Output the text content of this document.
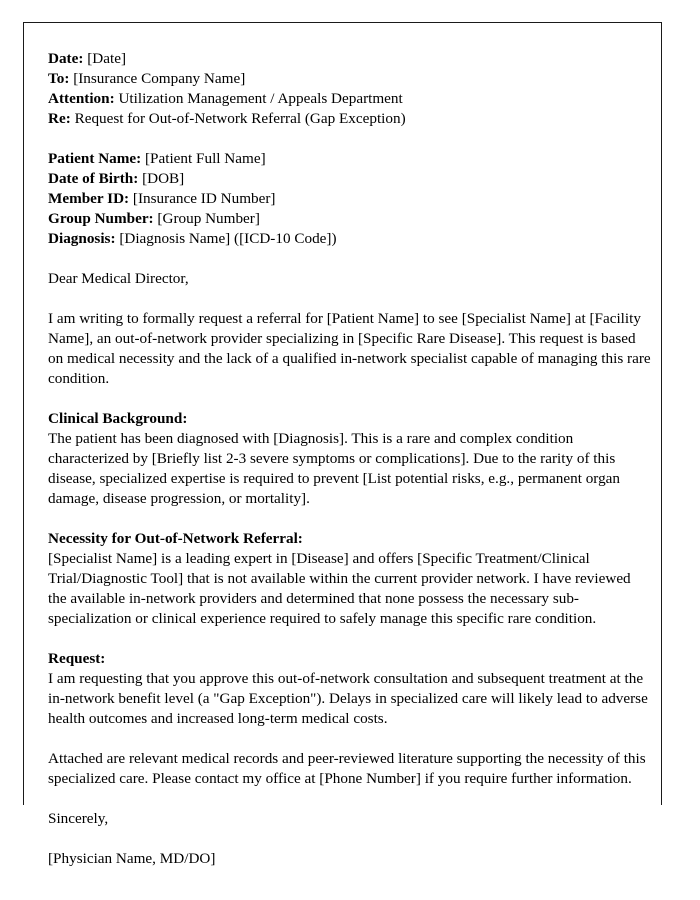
Date: [Date]
To: [Insurance Company Name]
Attention: Utilization Management / Appeals Department
Re: Request for Out-of-Network Referral (Gap Exception)
Patient Name: [Patient Full Name]
Date of Birth: [DOB]
Member ID: [Insurance ID Number]
Group Number: [Group Number]
Diagnosis: [Diagnosis Name] ([ICD-10 Code])
Dear Medical Director,

I am writing to formally request a referral for [Patient Name] to see [Specialist Name] at [Facility Name], an out-of-network provider specializing in [Specific Rare Disease]. This request is based on medical necessity and the lack of a qualified in-network specialist capable of managing this rare condition.

Clinical Background:

The patient has been diagnosed with [Diagnosis]. This is a rare and complex condition characterized by [Briefly list 2-3 severe symptoms or complications]. Due to the rarity of this disease, specialized expertise is required to prevent [List potential risks, e.g., permanent organ damage, disease progression, or mortality].

Necessity for Out-of-Network Referral:

[Specialist Name] is a leading expert in [Disease] and offers [Specific Treatment/Clinical Trial/Diagnostic Tool] that is not available within the current provider network. I have reviewed the available in-network providers and determined that none possess the necessary sub-specialization or clinical experience required to safely manage this specific rare condition.

Request:

I am requesting that you approve this out-of-network consultation and subsequent treatment at the in-network benefit level (a "Gap Exception"). Delays in specialized care will likely lead to adverse health outcomes and increased long-term medical costs.

Attached are relevant medical records and peer-reviewed literature supporting the necessity of this specialized care. Please contact my office at [Phone Number] if you require further information.

Sincerely,
[Physician Name, MD/DO]
